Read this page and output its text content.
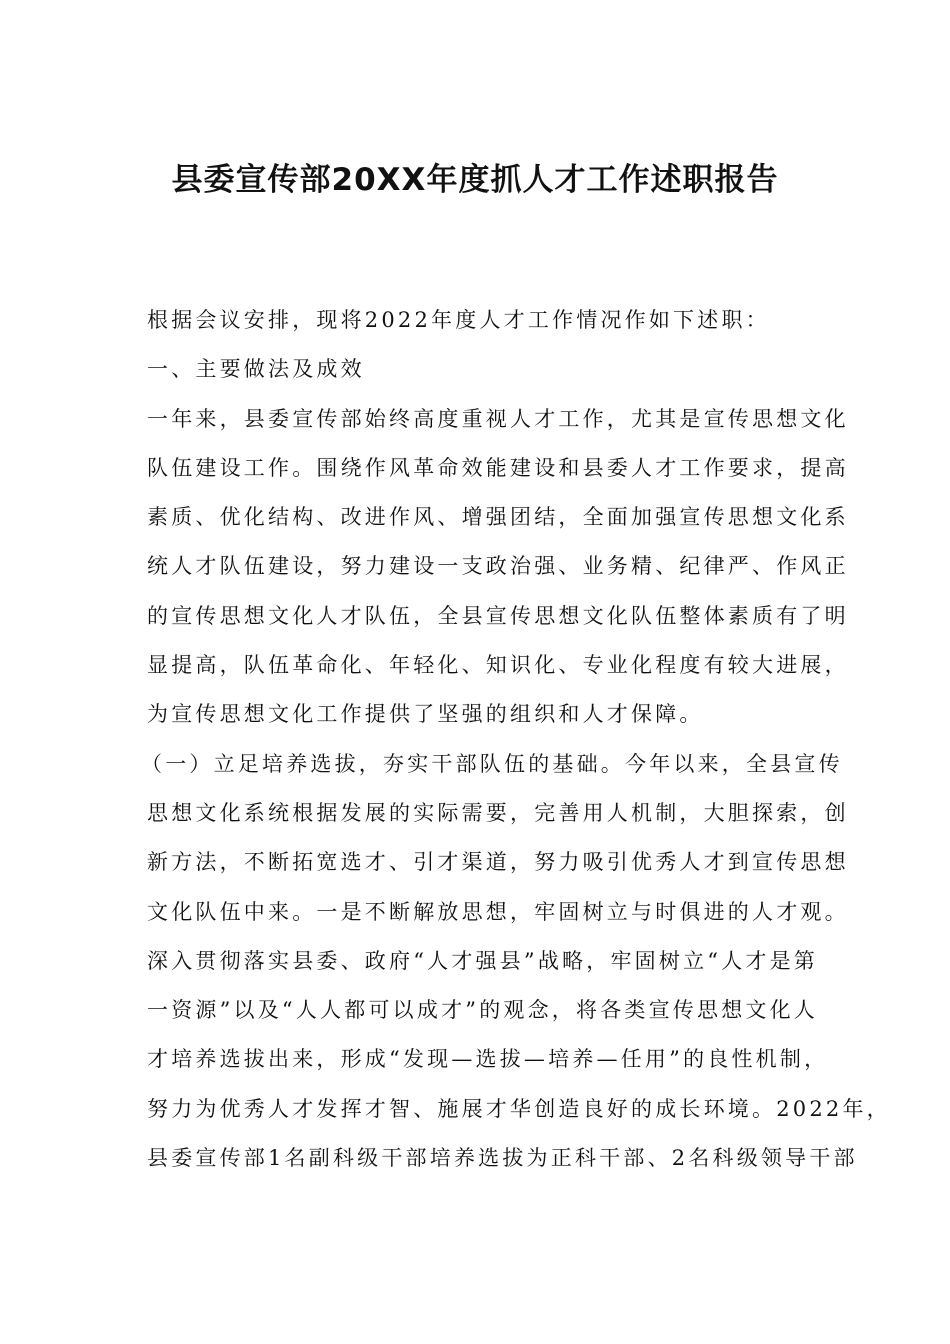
县委宣传部20XX年度抓人才工作述职报告
根据会议安排，现将2022年度人才工作情况作如下述职：
一、主要做法及成效
一年来，县委宣传部始终高度重视人才工作，尤其是宣传思想文化
队伍建设工作。围绕作风革命效能建设和县委人才工作要求，提高
素质、优化结构、改进作风、增强团结，全面加强宣传思想文化系
统人才队伍建设，努力建设一支政治强、业务精、纪律严、作风正
的宣传思想文化人才队伍，全县宣传思想文化队伍整体素质有了明
显提高，队伍革命化、年轻化、知识化、专业化程度有较大进展，
为宣传思想文化工作提供了坚强的组织和人才保障。
（一）立足培养选拔，夯实干部队伍的基础。今年以来，全县宣传
思想文化系统根据发展的实际需要，完善用人机制，大胆探索，创
新方法，不断拓宽选才、引才渠道，努力吸引优秀人才到宣传思想
文化队伍中来。一是不断解放思想，牢固树立与时俱进的人才观。
深入贯彻落实县委、政府“人才强县”战略，牢固树立“人才是第
一资源”以及“人人都可以成才”的观念，将各类宣传思想文化人
才培养选拔出来，形成“发现—选拔—培养—任用”的良性机制，
努力为优秀人才发挥才智、施展才华创造良好的成长环境。2022年，
县委宣传部1名副科级干部培养选拔为正科干部、2名科级领导干部
